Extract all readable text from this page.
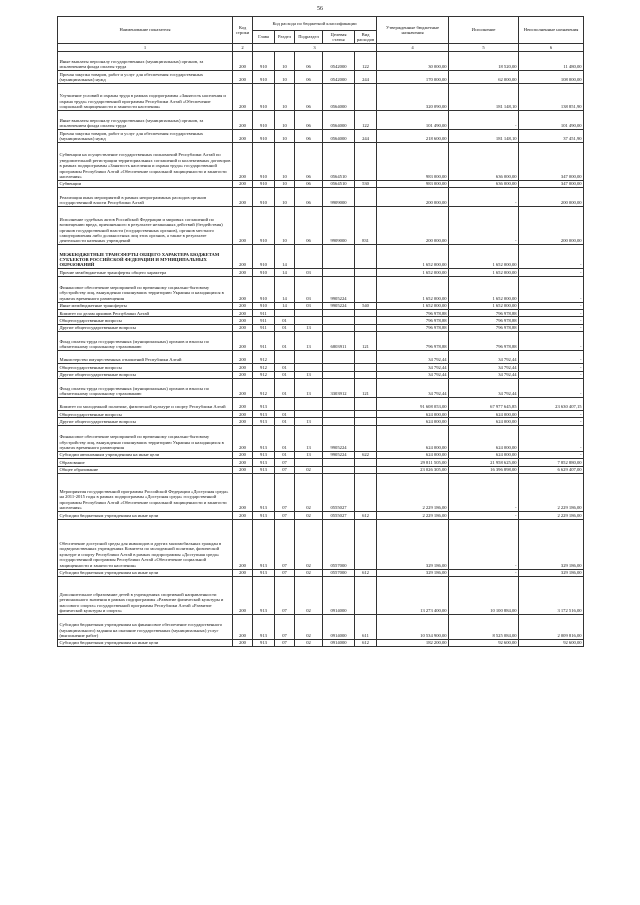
56
Наименование показателя	Код строки	Код расхода по бюджетной классификации					Утвержденные бюджетные назначения	Исполнение	Неисполненные назначения
		Глава	Раздел	Подраздел	Целевая статья	Вид расходов			
1	2	3					4	5	6
Иные выплаты персоналу государственных (муниципальных) органов, за исключением фонда оплаты труда	200	910	10	06	0542000	122	30 000,00	18 520,00	11 480,00
Прочая закупка товаров, работ и услуг для обеспечения государственных (муниципальных) нужд	200	910	10	06	0542000	244	170 000,00	62 000,00	108 000,00
Улучшение условий и охраны труда в рамках подпрограммы «Занятость населения и охрана труда» государственной программы Республики Алтай «Обеспечение социальной защищенности и занятости населения»	200	910	10	06	0564000		320 090,00	181 148,10	138 851,90
Иные выплаты персоналу государственных (муниципальных) органов, за исключением фонда оплаты труда	200	910	10	06	0564000	122	101 490,00	-	101 490,00
Прочая закупка товаров, работ и услуг для обеспечения государственных (муниципальных) нужд	200	910	10	06	0564000	244	218 600,00	181 148,10	37 451,90
Субвенции на осуществление государственных полномочий Республики Алтай по уведомительной регистрации территориальных соглашений и коллективных договоров в рамках подпрограммы «Занятость населения и охрана труда» государственной программы Республики Алтай «Обеспечение социальной защищенности и занятости населения»	200	910	10	06	0564510		983 000,00	636 000,00	347 000,00
Субвенции	200	910	10	06	0564510	530	983 000,00	636 000,00	347 000,00
Реализация иных мероприятий в рамках непрограммных расходов органов государственной власти Республики Алтай	200	910	10	06	9909000		200 000,00	-	200 000,00
Исполнение судебных актов Российской Федерации и мировых соглашений по возмещению вреда, причиненного в результате незаконных действий (бездействия) органов государственной власти (государственных органов), органов местного самоуправления либо должностных лиц этих органов, а также в результате деятельности казенных учреждений	200	910	10	06	9909000	831	200 000,00	-	200 000,00
МЕЖБЮДЖЕТНЫЕ ТРАНСФЕРТЫ ОБЩЕГО ХАРАКТЕРА БЮДЖЕТАМ СУБЪЕКТОВ РОССИЙСКОЙ ФЕДЕРАЦИИ И МУНИЦИПАЛЬНЫХ ОБРАЗОВАНИЙ	200	910	14				1 652 000,00	1 652 000,00	-
Прочие межбюджетные трансферты общего характера	200	910	14	03			1 652 000,00	1 652 000,00	-
Финансовое обеспечение мероприятий по временному социально-бытовому обустройству лиц, вынужденно покинувших территорию Украины и находящихся в пунктах временного размещения	200	910	14	03	9905224		1 652 000,00	1 652 000,00	-
Иные межбюджетные трансферты	200	910	14	03	9905224	540	1 652 000,00	1 652 000,00	-
Комитет по делам архивов Республики Алтай	200	911					796 978,88	796 978,88	-
Общегосударственные вопросы	200	911	01				796 978,88	796 978,88	-
Другие общегосударственные вопросы	200	911	01	13			796 978,88	796 978,88	-
Фонд оплаты труда государственных (муниципальных) органов и взносы по обязательному социальному страхованию	200	911	01	13	6803911	121	796 978,88	796 978,88	-
Министерство имущественных отношений Республики Алтай	200	912					34 792,44	34 792,44	-
Общегосударственные вопросы	200	912	01				34 792,44	34 792,44	-
Другие общегосударственные вопросы	200	912	01	13			34 792,44	34 792,44	-
Фонд оплаты труда государственных (муниципальных) органов и взносы по обязательному социальному страхованию	200	912	01	13	3303912	121	34 792,44	34 792,44	-
Комитет по молодежной политике, физической культуре и спорту Республики Алтай	200	913					91 608 053,00	67 977 645,85	23 630 407,15
Общегосударственные вопросы	200	913	01				624 000,00	624 000,00	-
Другие общегосударственные вопросы	200	913	01	13			624 000,00	624 000,00	-
Финансовое обеспечение мероприятий по временному социально-бытовому обустройству лиц, вынужденно покинувших территорию Украины и находящихся в пунктах временного размещения	200	913	01	13	9905224		624 000,00	624 000,00	-
Субсидии автономным учреждениям на иные цели	200	913	01	13	9905224	622	624 000,00	624 000,00	-
Образование	200	913	07				29 811 505,00	21 958 625,00	7 852 880,00
Общее образование	200	913	07	02			23 026 305,00	16 396 898,00	6 629 407,00
Мероприятия государственной программы Российской Федерации «Доступная среда» на 2011-2015 годы в рамках подпрограммы «Доступная среда» государственной программы Республики Алтай «Обеспечение социальной защищенности и занятости населения»	200	913	07	02	0555027		2 229 186,00	-	2 229 186,00
Субсидии бюджетным учреждениям на иные цели	200	913	07	02	0555027	612	2 229 186,00	-	2 229 186,00
Обеспечение доступной среды для инвалидов и других маломобильных граждан в подведомственных учреждениях Комитета по молодежной политике, физической культуре и спорту Республики Алтай в рамках подпрограммы «Доступная среда» государственной программы Республики Алтай «Обеспечение социальной защищенности и занятости населения»	200	913	07	02	0557000		329 186,00	-	329 186,00
Субсидии бюджетным учреждениям на иные цели	200	913	07	02	0557000	612	329 186,00	-	329 186,00
Дополнительное образование детей в учреждениях спортивной направленности регионального значения в рамках подпрограммы «Развитие физической культуры и массового спорта» государственной программы Республики Алтай «Развитие физической культуры и спорта»	200	913	07	02	0914000		13 273 400,00	10 100 884,00	3 172 516,00
Субсидии бюджетным учреждениям на финансовое обеспечение государственного (муниципального) задания на оказание государственных (муниципальных) услуг (выполнение работ)	200	913	07	02	0914000	611	10 534 900,00	8 525 084,00	2 009 816,00
Субсидии бюджетным учреждениям на иные цели	200	913	07	02	0914000	612	182 200,00	92 600,00	92 600,00
